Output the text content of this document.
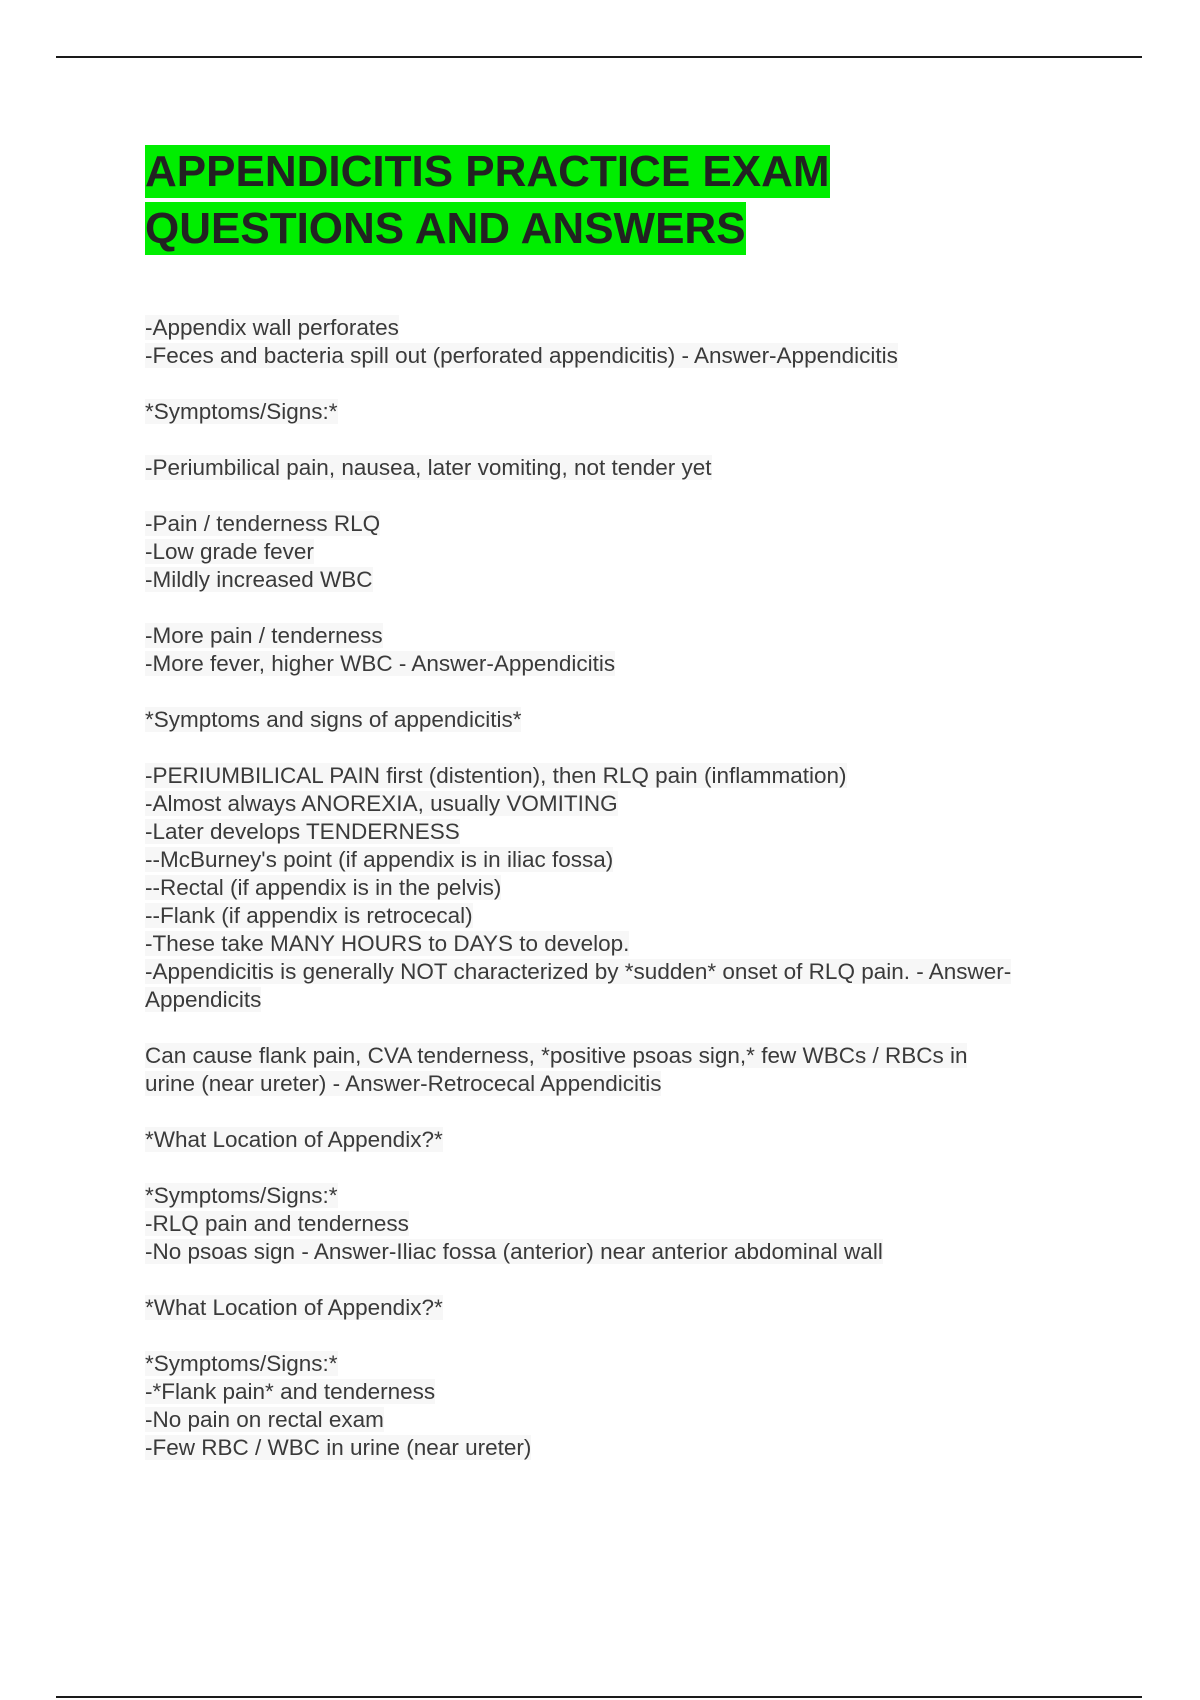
APPENDICITIS PRACTICE EXAM
QUESTIONS AND ANSWERS

-Appendix wall perforates

-Feces and bacteria spill out (perforated appendicitis) - Answer-Appendicitis

*Symptoms/Signs:*

-Periumbilical pain, nausea, later vomiting, not tender yet

-Pain / tenderness RLQ

-Low grade fever

-Mildly increased WBC

-More pain / tenderness

-More fever, higher WBC - Answer-Appendicitis

*Symptoms and signs of appendicitis*

-PERIUMBILICAL PAIN first (distention), then RLQ pain (inflammation)

-Almost always ANOREXIA, usually VOMITING

-Later develops TENDERNESS

--McBurney's point (if appendix is in iliac fossa)

--Rectal (if appendix is in the pelvis)

--Flank (if appendix is retrocecal)

-These take MANY HOURS to DAYS to develop.

-Appendicitis is generally NOT characterized by *sudden* onset of RLQ pain. - Answer-

Appendicits

Can cause flank pain, CVA tenderness, *positive psoas sign,* few WBCs / RBCs in

urine (near ureter) - Answer-Retrocecal Appendicitis

*What Location of Appendix?*

*Symptoms/Signs:*

-RLQ pain and tenderness

-No psoas sign - Answer-Iliac fossa (anterior) near anterior abdominal wall

*What Location of Appendix?*

*Symptoms/Signs:*

-*Flank pain* and tenderness

-No pain on rectal exam

-Few RBC / WBC in urine (near ureter)
